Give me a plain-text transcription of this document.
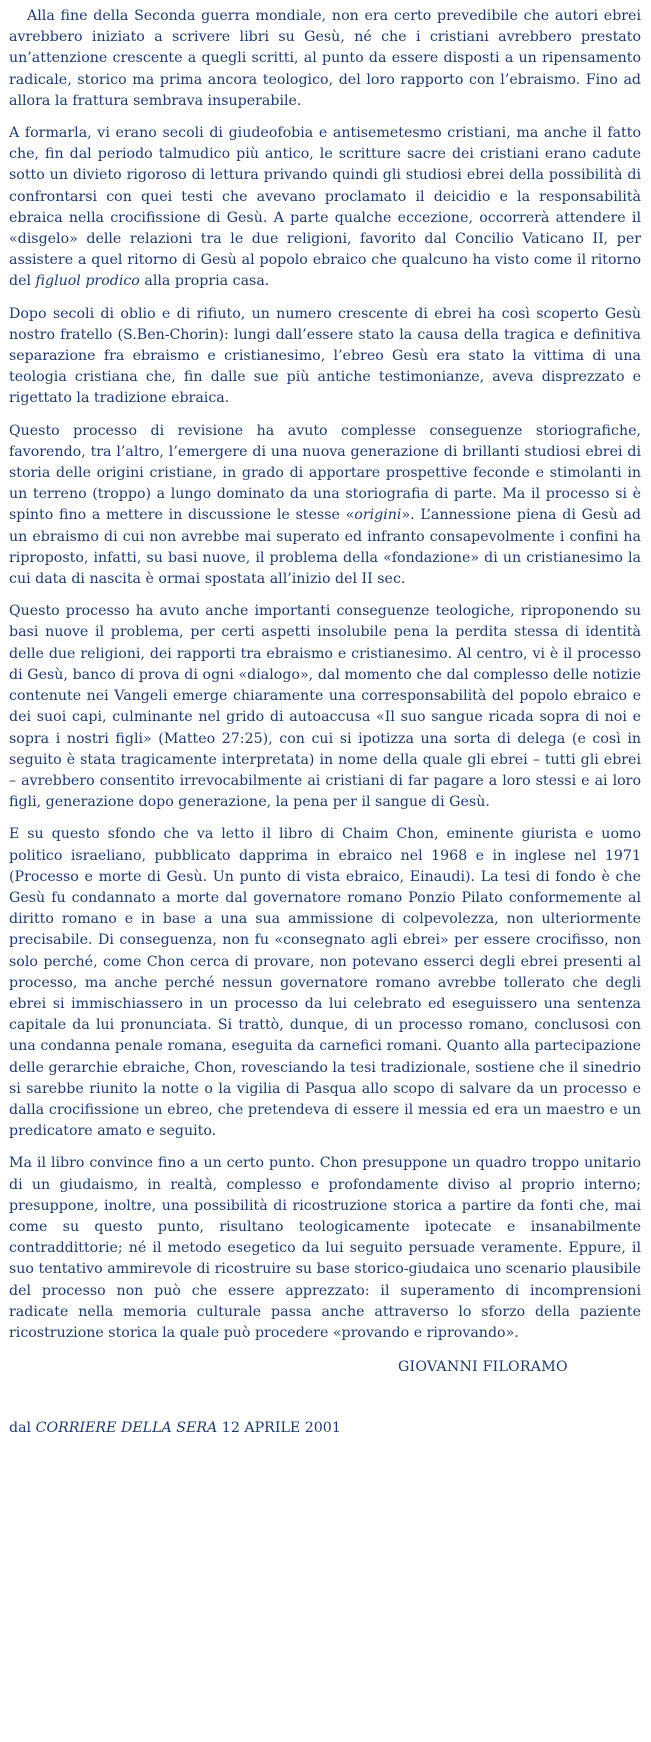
Alla fine della Seconda guerra mondiale, non era certo prevedibile che autori ebrei avrebbero iniziato a scrivere libri su Gesù, né che i cristiani avrebbero prestato un’attenzione crescente a quegli scritti, al punto da essere disposti a un ripensamento radicale, storico ma prima ancora teologico, del loro rapporto con l’ebraismo. Fino ad allora la frattura sembrava insuperabile.

A formarla, vi erano secoli di giudeofobia e antisemetesmo cristiani, ma anche il fatto che, fin dal periodo talmudico più antico, le scritture sacre dei cristiani erano cadute sotto un divieto rigoroso di lettura privando quindi gli studiosi ebrei della possibilità di confrontarsi con quei testi che avevano proclamato il deicidio e la responsabilità ebraica nella crocifissione di Gesù. A parte qualche eccezione, occorrerà attendere il «disgelo» delle relazioni tra le due religioni, favorito dal Concilio Vaticano II, per assistere a quel ritorno di Gesù al popolo ebraico che qualcuno ha visto come il ritorno del figluol prodico alla propria casa.

Dopo secoli di oblio e di rifiuto, un numero crescente di ebrei ha così scoperto Gesù nostro fratello (S.Ben-Chorin): lungi dall’essere stato la causa della tragica e definitiva separazione fra ebraismo e cristianesimo, l’ebreo Gesù era stato la vittima di una teologia cristiana che, fin dalle sue più antiche testimonianze, aveva disprezzato e rigettato la tradizione ebraica.

Questo processo di revisione ha avuto complesse conseguenze storiografiche, favorendo, tra l’altro, l’emergere di una nuova generazione di brillanti studiosi ebrei di storia delle origini cristiane, in grado di apportare prospettive feconde e stimolanti in un terreno (troppo) a lungo dominato da una storiografia di parte. Ma il processo si è spinto fino a mettere in discussione le stesse «origini». L’annessione piena di Gesù ad un ebraismo di cui non avrebbe mai superato ed infranto consapevolmente i confini ha riproposto, infatti, su basi nuove, il problema della «fondazione» di un cristianesimo la cui data di nascita è ormai spostata all’inizio del II sec.

Questo processo ha avuto anche importanti conseguenze teologiche, riproponendo su basi nuove il problema, per certi aspetti insolubile pena la perdita stessa di identità delle due religioni, dei rapporti tra ebraismo e cristianesimo. Al centro, vi è il processo di Gesù, banco di prova di ogni «dialogo», dal momento che dal complesso delle notizie contenute nei Vangeli emerge chiaramente una corresponsabilità del popolo ebraico e dei suoi capi, culminante nel grido di autoaccusa «Il suo sangue ricada sopra di noi e sopra i nostri figli» (Matteo 27:25), con cui si ipotizza una sorta di delega (e così in seguito è stata tragicamente interpretata) in nome della quale gli ebrei – tutti gli ebrei – avrebbero consentito irrevocabilmente ai cristiani di far pagare a loro stessi e ai loro figli, generazione dopo generazione, la pena per il sangue di Gesù.

E su questo sfondo che va letto il libro di Chaim Chon, eminente giurista e uomo politico israeliano, pubblicato dapprima in ebraico nel 1968 e in inglese nel 1971 (Processo e morte di Gesù. Un punto di vista ebraico, Einaudi). La tesi di fondo è che Gesù fu condannato a morte dal governatore romano Ponzio Pilato conformemente al diritto romano e in base a una sua ammissione di colpevolezza, non ulteriormente precisabile. Di conseguenza, non fu «consegnato agli ebrei» per essere crocifisso, non solo perché, come Chon cerca di provare, non potevano esserci degli ebrei presenti al processo, ma anche perché nessun governatore romano avrebbe tollerato che degli ebrei si immischiassero in un processo da lui celebrato ed eseguissero una sentenza capitale da lui pronunciata. Si trattò, dunque, di un processo romano, conclusosi con una condanna penale romana, eseguita da carnefici romani. Quanto alla partecipazione delle gerarchie ebraiche, Chon, rovesciando la tesi tradizionale, sostiene che il sinedrio si sarebbe riunito la notte o la vigilia di Pasqua allo scopo di salvare da un processo e dalla crocifissione un ebreo, che pretendeva di essere il messia ed era un maestro e un predicatore amato e seguito.

Ma il libro convince fino a un certo punto. Chon presuppone un quadro troppo unitario di un giudaismo, in realtà, complesso e profondamente diviso al proprio interno; presuppone, inoltre, una possibilità di ricostruzione storica a partire da fonti che, mai come su questo punto, risultano teologicamente ipotecate e insanabilmente contraddittorie; né il metodo esegetico da lui seguito persuade veramente. Eppure, il suo tentativo ammirevole di ricostruire su base storico-giudaica uno scenario plausibile del processo non può che essere apprezzato: il superamento di incomprensioni radicate nella memoria culturale passa anche attraverso lo sforzo della paziente ricostruzione storica la quale può procedere «provando e riprovando».

GIOVANNI FILORAMO

dal CORRIERE DELLA SERA 12 APRILE 2001
